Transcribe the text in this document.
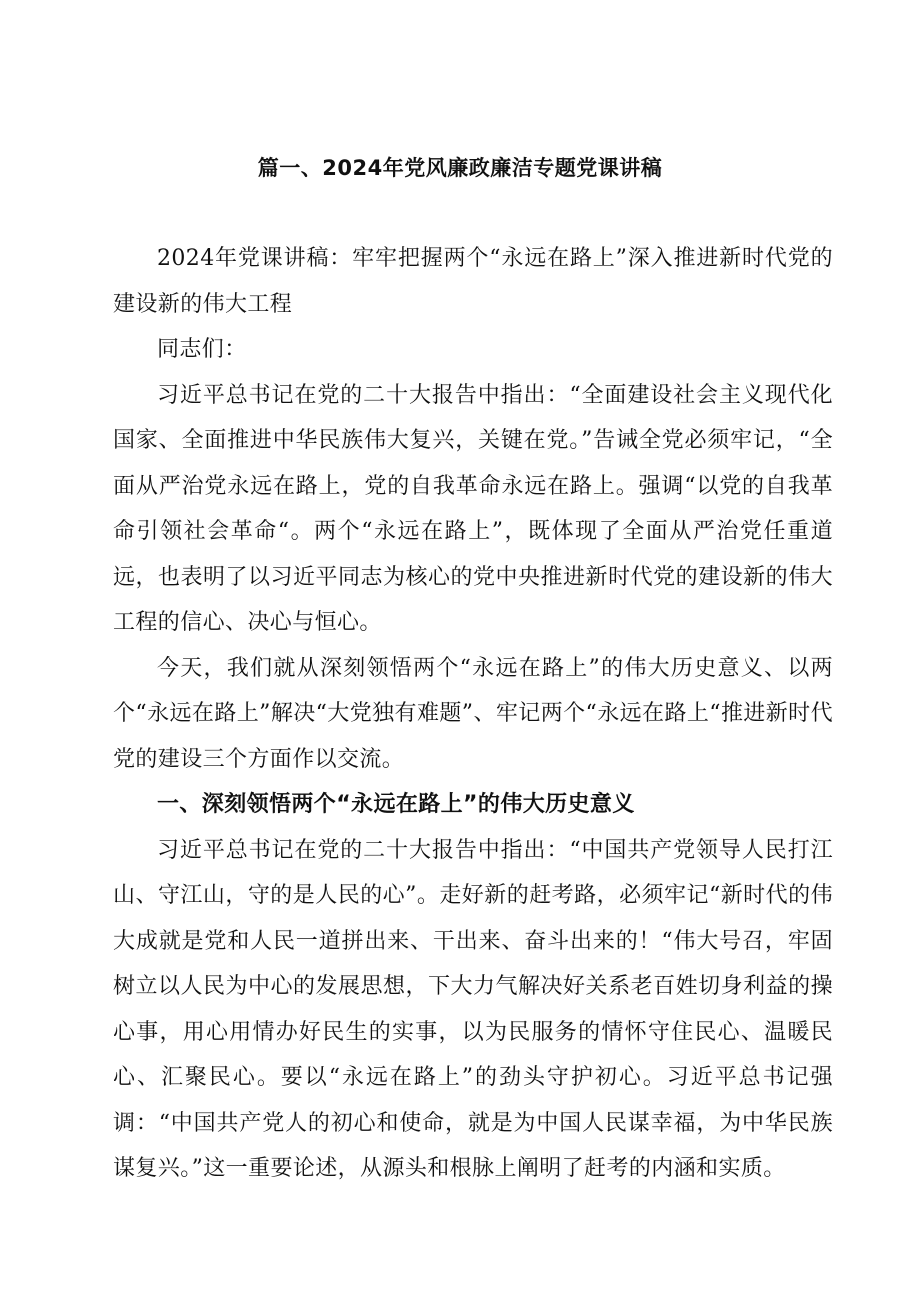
篇一、2024年党风廉政廉洁专题党课讲稿

2024年党课讲稿：牢牢把握两个“永远在路上”深入推进新时代党的建设新的伟大工程

同志们：

习近平总书记在党的二十大报告中指出：“全面建设社会主义现代化国家、全面推进中华民族伟大复兴，关键在党。”告诫全党必须牢记，“全面从严治党永远在路上，党的自我革命永远在路上。强调“以党的自我革命引领社会革命“。两个“永远在路上”，既体现了全面从严治党任重道远，也表明了以习近平同志为核心的党中央推进新时代党的建设新的伟大工程的信心、决心与恒心。

今天，我们就从深刻领悟两个“永远在路上”的伟大历史意义、以两个“永远在路上”解决“大党独有难题”、牢记两个“永远在路上“推进新时代党的建设三个方面作以交流。

一、深刻领悟两个“永远在路上”的伟大历史意义

习近平总书记在党的二十大报告中指出：“中国共产党领导人民打江山、守江山，守的是人民的心”。走好新的赶考路，必须牢记“新时代的伟大成就是党和人民一道拼出来、干出来、奋斗出来的！“伟大号召，牢固树立以人民为中心的发展思想，下大力气解决好关系老百姓切身利益的操心事，用心用情办好民生的实事，以为民服务的情怀守住民心、温暖民心、汇聚民心。要以“永远在路上”的劲头守护初心。习近平总书记强调：“中国共产党人的初心和使命，就是为中国人民谋幸福，为中华民族谋复兴。”这一重要论述，从源头和根脉上阐明了赶考的内涵和实质。
